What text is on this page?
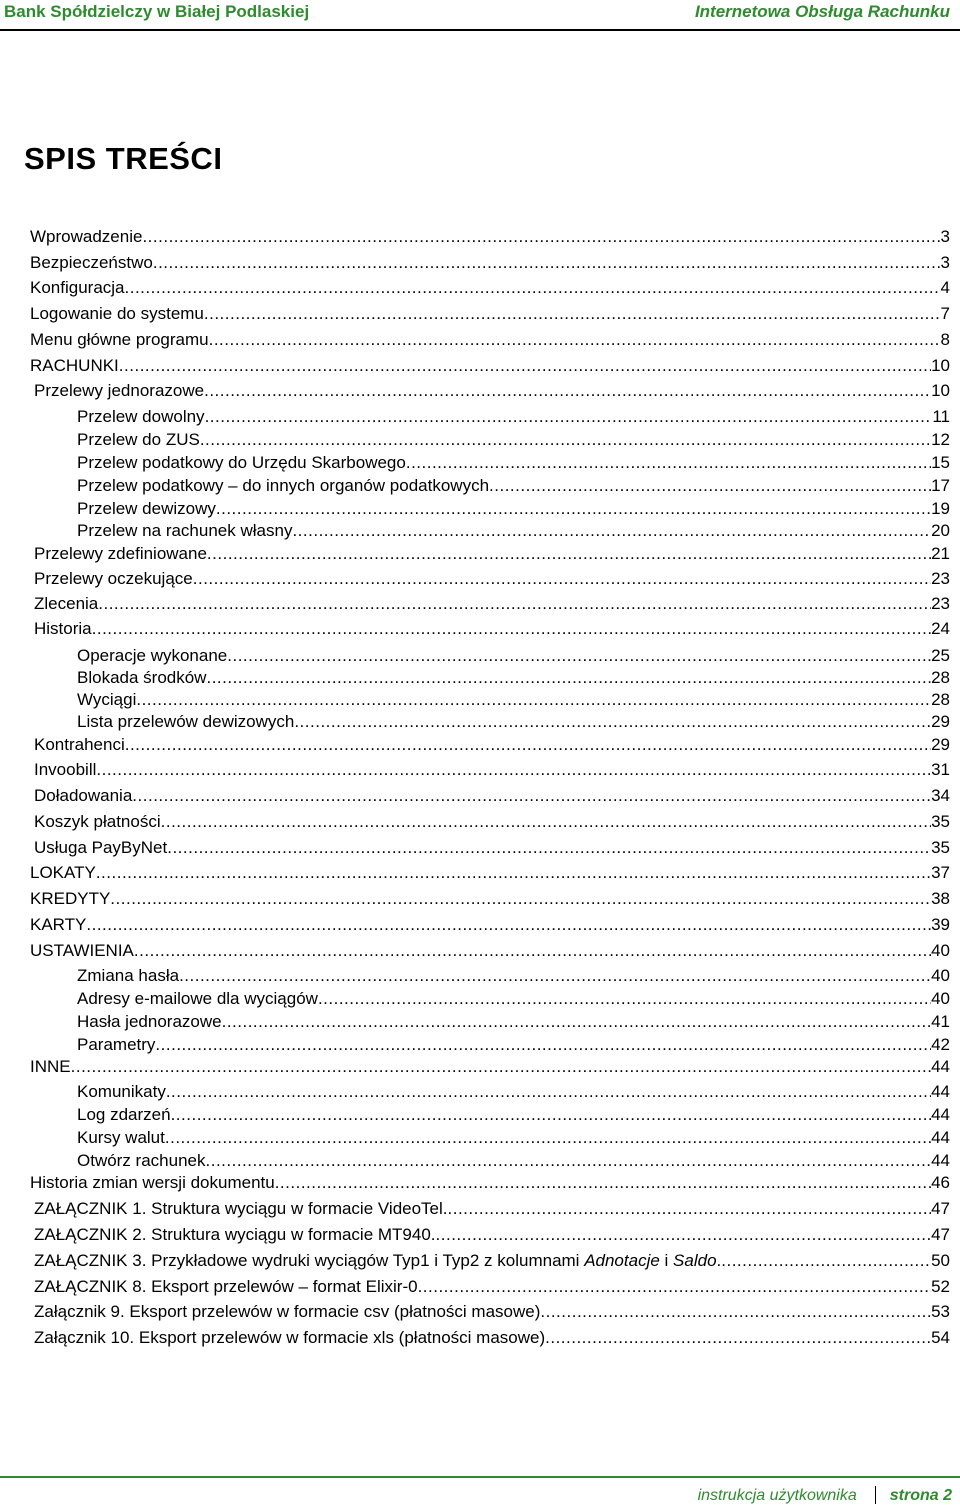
Bank Spółdzielczy w Białej Podlaskiej	Internetowa Obsługa Rachunku
SPIS TREŚCI
Wprowadzenie .....	3
Bezpieczeństwo .....	3
Konfiguracja .....	4
Logowanie do systemu .....	7
Menu główne programu .....	8
RACHUNKI .....	10
Przelewy jednorazowe .....	10
Przelew dowolny .....	11
Przelew do ZUS .....	12
Przelew podatkowy do Urzędu Skarbowego .....	15
Przelew podatkowy – do innych organów podatkowych .....	17
Przelew dewizowy .....	19
Przelew na rachunek własny .....	20
Przelewy zdefiniowane .....	21
Przelewy oczekujące .....	23
Zlecenia .....	23
Historia .....	24
Operacje wykonane .....	25
Blokada środków .....	28
Wyciągi .....	28
Lista przelewów dewizowych .....	29
Kontrahenci .....	29
Invoobill .....	31
Doładowania .....	34
Koszyk płatności .....	35
Usługa PayByNet .....	35
LOKATY .....	37
KREDYTY .....	38
KARTY .....	39
USTAWIENIA .....	40
Zmiana hasła .....	40
Adresy e-mailowe dla wyciągów .....	40
Hasła jednorazowe .....	41
Parametry .....	42
INNE .....	44
Komunikaty .....	44
Log zdarzeń .....	44
Kursy walut .....	44
Otwórz rachunek .....	44
Historia zmian wersji dokumentu .....	46
ZAŁĄCZNIK 1. Struktura wyciągu w formacie VideoTel. .....	47
ZAŁĄCZNIK 2. Struktura wyciągu w formacie MT940. .....	47
ZAŁĄCZNIK 3. Przykładowe wydruki wyciągów Typ1 i Typ2 z kolumnami Adnotacje i Saldo. .....	50
ZAŁĄCZNIK 8. Eksport przelewów – format Elixir-0 .....	52
Załącznik 9. Eksport przelewów w formacie csv (płatności masowe) .....	53
Załącznik 10. Eksport przelewów w formacie xls (płatności masowe) .....	54
instrukcja użytkownika strona 2
